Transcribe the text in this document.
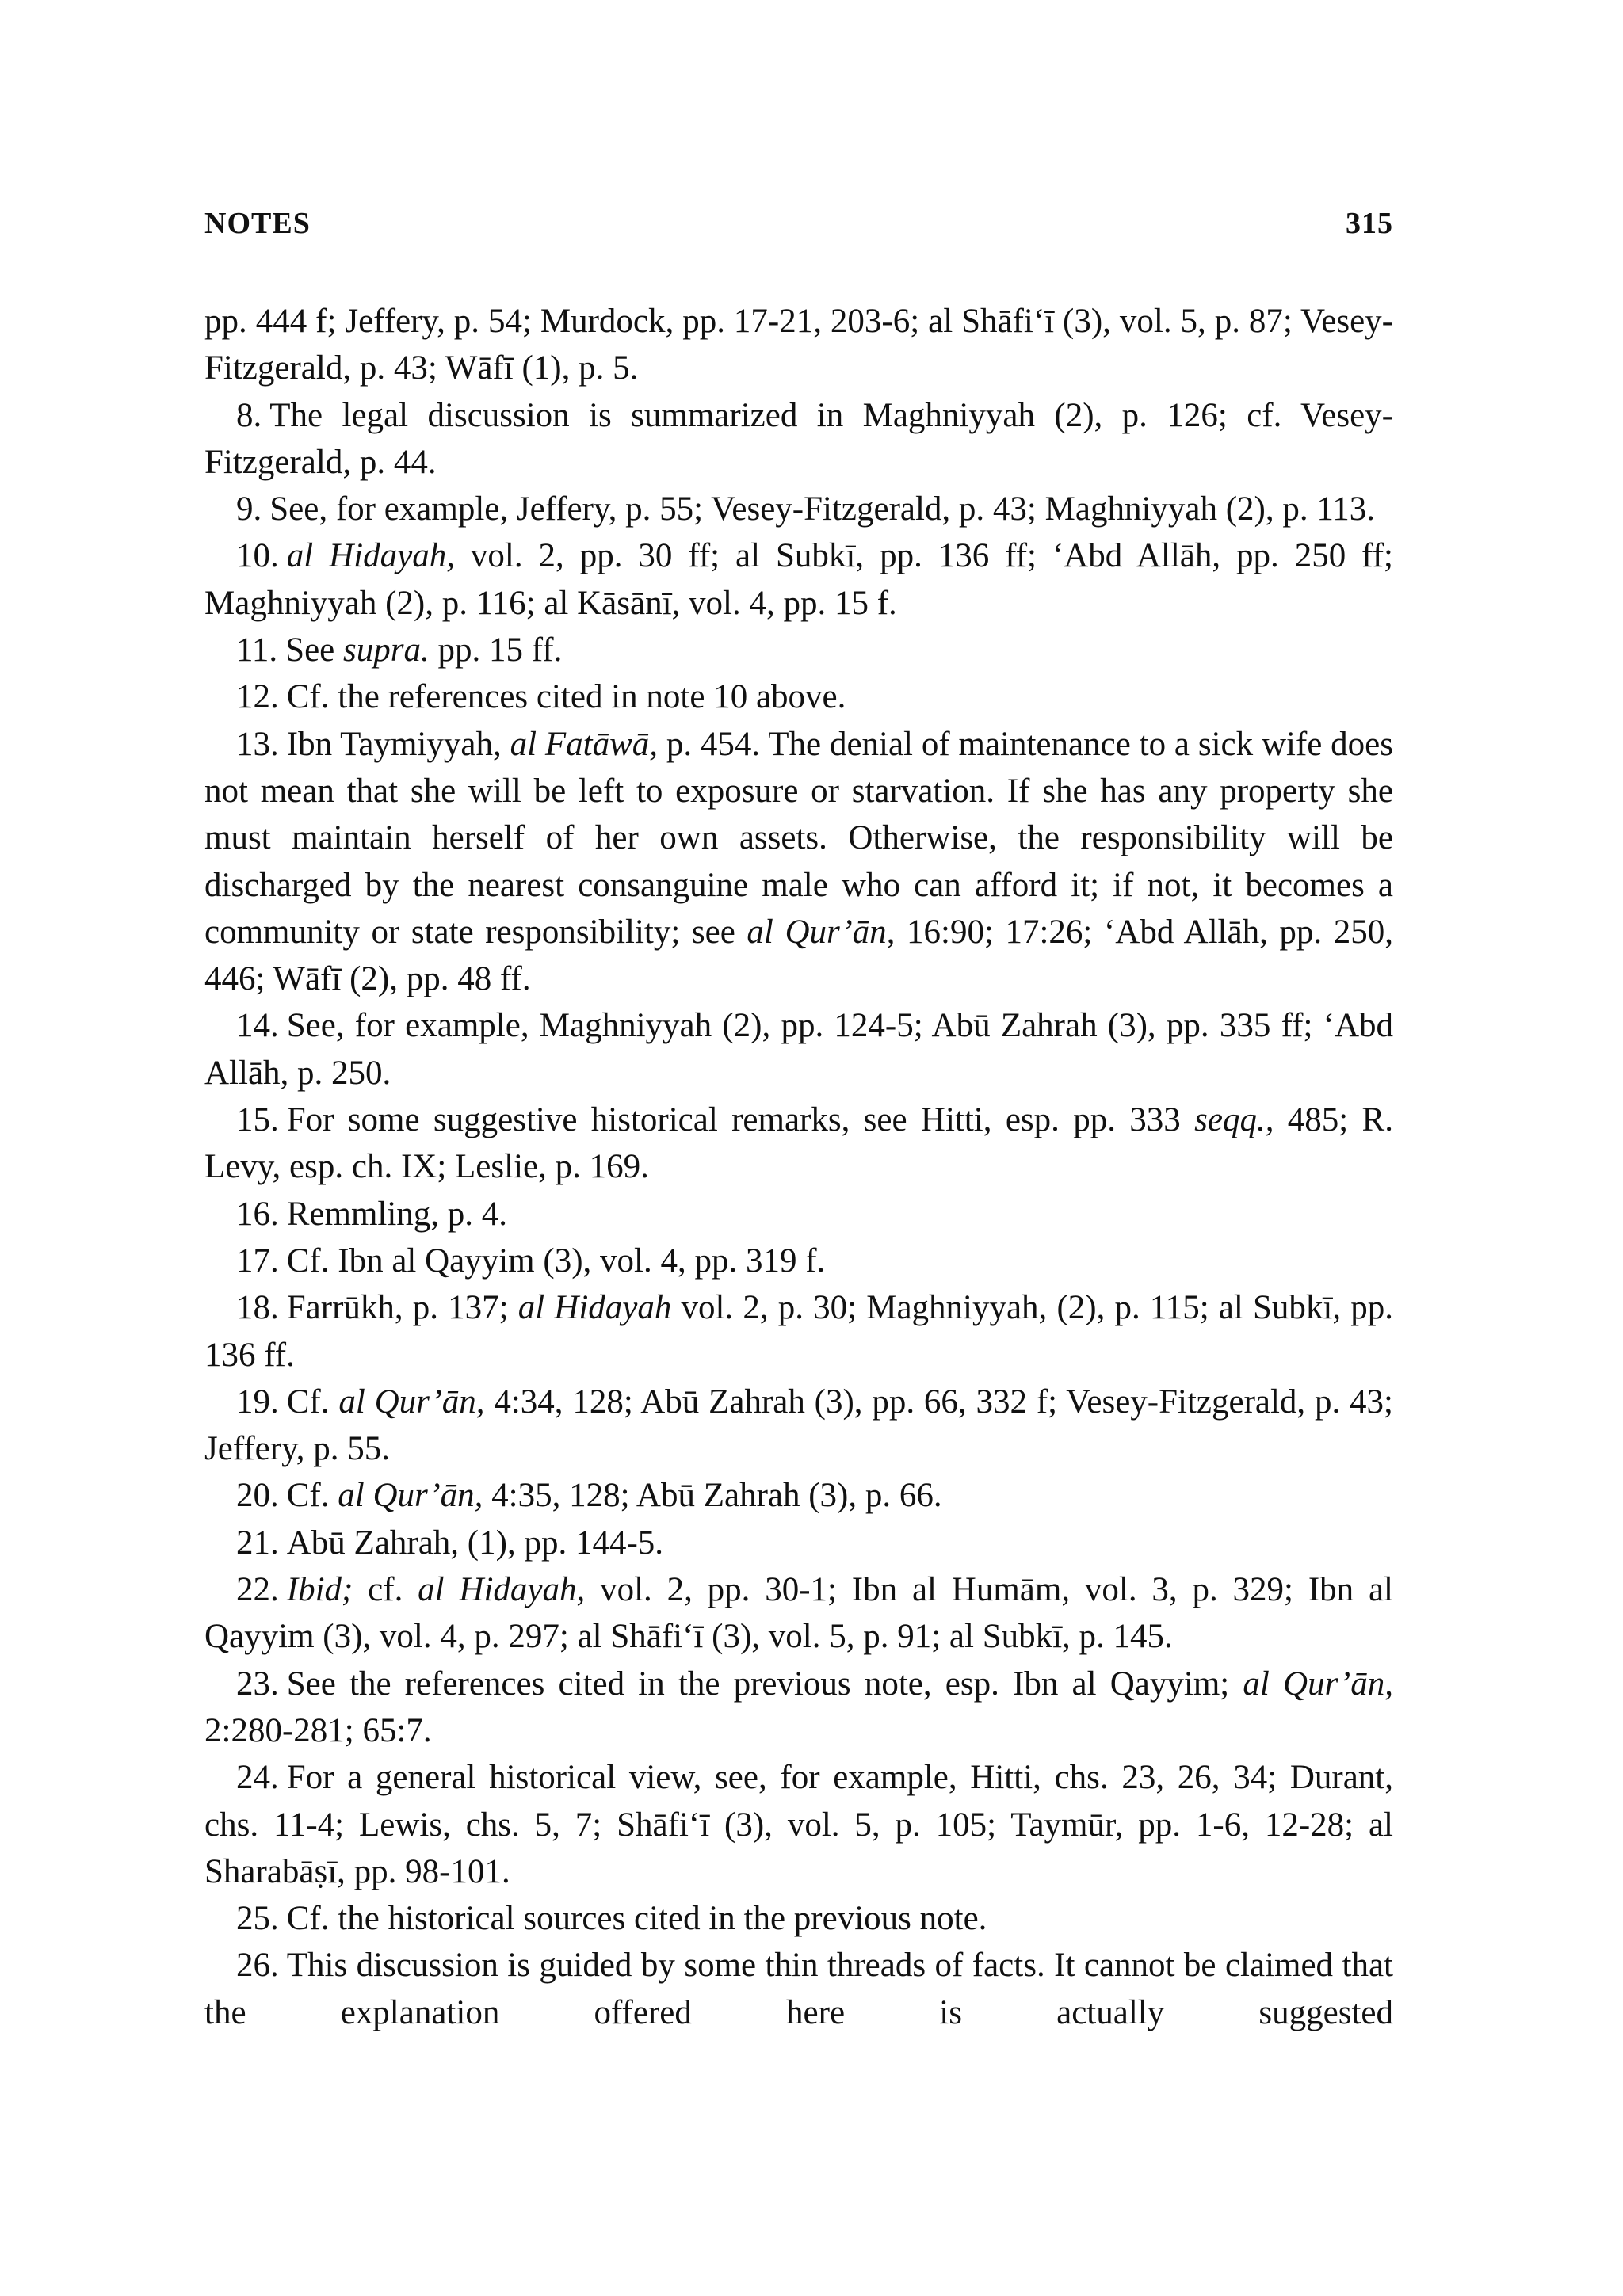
NOTES	315

pp. 444 f; Jeffery, p. 54; Murdock, pp. 17-21, 203-6; al Shāfi‘ī (3), vol. 5, p. 87; Vesey-Fitzgerald, p. 43; Wāfī (1), p. 5.

8. The legal discussion is summarized in Maghniyyah (2), p. 126; cf. Vesey-Fitzgerald, p. 44.

9. See, for example, Jeffery, p. 55; Vesey-Fitzgerald, p. 43; Maghniyyah (2), p. 113.

10. al Hidayah, vol. 2, pp. 30 ff; al Subkī, pp. 136 ff; ‘Abd Allāh, pp. 250 ff; Maghniyyah (2), p. 116; al Kāsānī, vol. 4, pp. 15 f.

11. See supra. pp. 15 ff.

12. Cf. the references cited in note 10 above.

13. Ibn Taymiyyah, al Fatāwā, p. 454. The denial of maintenance to a sick wife does not mean that she will be left to exposure or starvation. If she has any property she must maintain herself of her own assets. Otherwise, the responsibility will be discharged by the nearest consanguine male who can afford it; if not, it becomes a community or state responsibility; see al Qur’ān, 16:90; 17:26; ‘Abd Allāh, pp. 250, 446; Wāfī (2), pp. 48 ff.

14. See, for example, Maghniyyah (2), pp. 124-5; Abū Zahrah (3), pp. 335 ff; ‘Abd Allāh, p. 250.

15. For some suggestive historical remarks, see Hitti, esp. pp. 333 seqq., 485; R. Levy, esp. ch. IX; Leslie, p. 169.

16. Remmling, p. 4.

17. Cf. Ibn al Qayyim (3), vol. 4, pp. 319 f.

18. Farrūkh, p. 137; al Hidayah vol. 2, p. 30; Maghniyyah, (2), p. 115; al Subkī, pp. 136 ff.

19. Cf. al Qur’ān, 4:34, 128; Abū Zahrah (3), pp. 66, 332 f; Vesey-Fitzgerald, p. 43; Jeffery, p. 55.

20. Cf. al Qur’ān, 4:35, 128; Abū Zahrah (3), p. 66.

21. Abū Zahrah, (1), pp. 144-5.

22. Ibid; cf. al Hidayah, vol. 2, pp. 30-1; Ibn al Humām, vol. 3, p. 329; Ibn al Qayyim (3), vol. 4, p. 297; al Shāfi‘ī (3), vol. 5, p. 91; al Subkī, p. 145.

23. See the references cited in the previous note, esp. Ibn al Qayyim; al Qur’ān, 2:280-281; 65:7.

24. For a general historical view, see, for example, Hitti, chs. 23, 26, 34; Durant, chs. 11-4; Lewis, chs. 5, 7; Shāfi‘ī (3), vol. 5, p. 105; Taymūr, pp. 1-6, 12-28; al Sharabāṣī, pp. 98-101.

25. Cf. the historical sources cited in the previous note.

26. This discussion is guided by some thin threads of facts. It cannot be claimed that the explanation offered here is actually suggested
